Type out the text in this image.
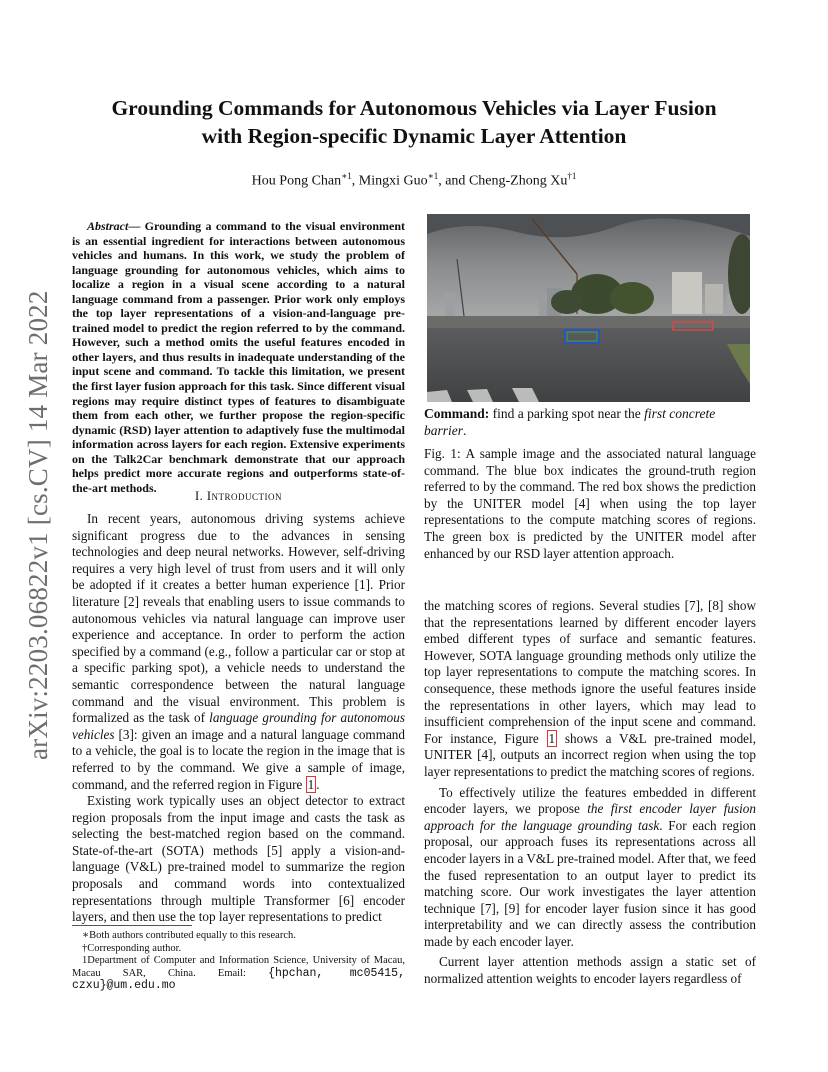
arXiv:2203.06822v1 [cs.CV] 14 Mar 2022
Grounding Commands for Autonomous Vehicles via Layer Fusion
with Region-specific Dynamic Layer Attention
Hou Pong Chan$^{∗1}$, Mingxi Guo$^{∗1}$, and Cheng-Zhong Xu$^{\dagger 1}$

Abstract— Grounding a command to the visual environment is an essential ingredient for interactions between autonomous vehicles and humans. In this work, we study the problem of language grounding for autonomous vehicles, which aims to localize a region in a visual scene according to a natural language command from a passenger. Prior work only employs the top layer representations of a vision-and-language pre-trained model to predict the region referred to by the command. However, such a method omits the useful features encoded in other layers, and thus results in inadequate understanding of the input scene and command. To tackle this limitation, we present the first layer fusion approach for this task. Since different visual regions may require distinct types of features to disambiguate them from each other, we further propose the region-specific dynamic (RSD) layer attention to adaptively fuse the multimodal information across layers for each region. Extensive experiments on the Talk2Car benchmark demonstrate that our approach helps predict more accurate regions and outperforms state-of-the-art methods.

I. Introduction

In recent years, autonomous driving systems achieve significant progress due to the advances in sensing technologies and deep neural networks. However, self-driving requires a very high level of trust from users and it will only be adopted if it creates a better human experience [1]. Prior literature [2] reveals that enabling users to issue commands to autonomous vehicles via natural language can improve user experience and acceptance. In order to perform the action specified by a command (e.g., follow a particular car or stop at a specific parking spot), a vehicle needs to understand the semantic correspondence between the natural language command and the visual environment. This problem is formalized as the task of language grounding for autonomous vehicles [3]: given an image and a natural language command to a vehicle, the goal is to locate the region in the image that is referred to by the command. We give a sample of image, command, and the referred region in Figure 1 .

Existing work typically uses an object detector to extract region proposals from the input image and casts the task as selecting the best-matched region based on the command. State-of-the-art (SOTA) methods [5] apply a vision-and-language (V&L) pre-trained model to summarize the region proposals and command words into contextualized representations through multiple Transformer [6] encoder layers, and then use the top layer representations to predict

∗Both authors contributed equally to this research.
†Corresponding author.
1Department of Computer and Information Science, University of Macau, Macau SAR, China. Email: {hpchan, mc05415, czxu}@um.edu.mo
Command: find a parking spot near the first concrete barrier.
Fig. 1: A sample image and the associated natural language command. The blue box indicates the ground-truth region referred to by the command. The red box shows the prediction by the UNITER model [4] when using the top layer representations to the compute matching scores of regions. The green box is predicted by the UNITER model after enhanced by our RSD layer attention approach.

the matching scores of regions. Several studies [7], [8] show that the representations learned by different encoder layers embed different types of surface and semantic features. However, SOTA language grounding methods only utilize the top layer representations to compute the matching scores. In consequence, these methods ignore the useful features inside the representations in other layers, which may lead to insufficient comprehension of the input scene and command. For instance, Figure 1 shows a V&L pre-trained model, UNITER [4], outputs an incorrect region when using the top layer representations to predict the matching scores of regions.

To effectively utilize the features embedded in different encoder layers, we propose the first encoder layer fusion approach for the language grounding task. For each region proposal, our approach fuses its representations across all encoder layers in a V&L pre-trained model. After that, we feed the fused representation to an output layer to predict its matching score. Our work investigates the layer attention technique [7], [9] for encoder layer fusion since it has good interpretability and we can directly assess the contribution made by each encoder layer.

Current layer attention methods assign a static set of normalized attention weights to encoder layers regardless of
